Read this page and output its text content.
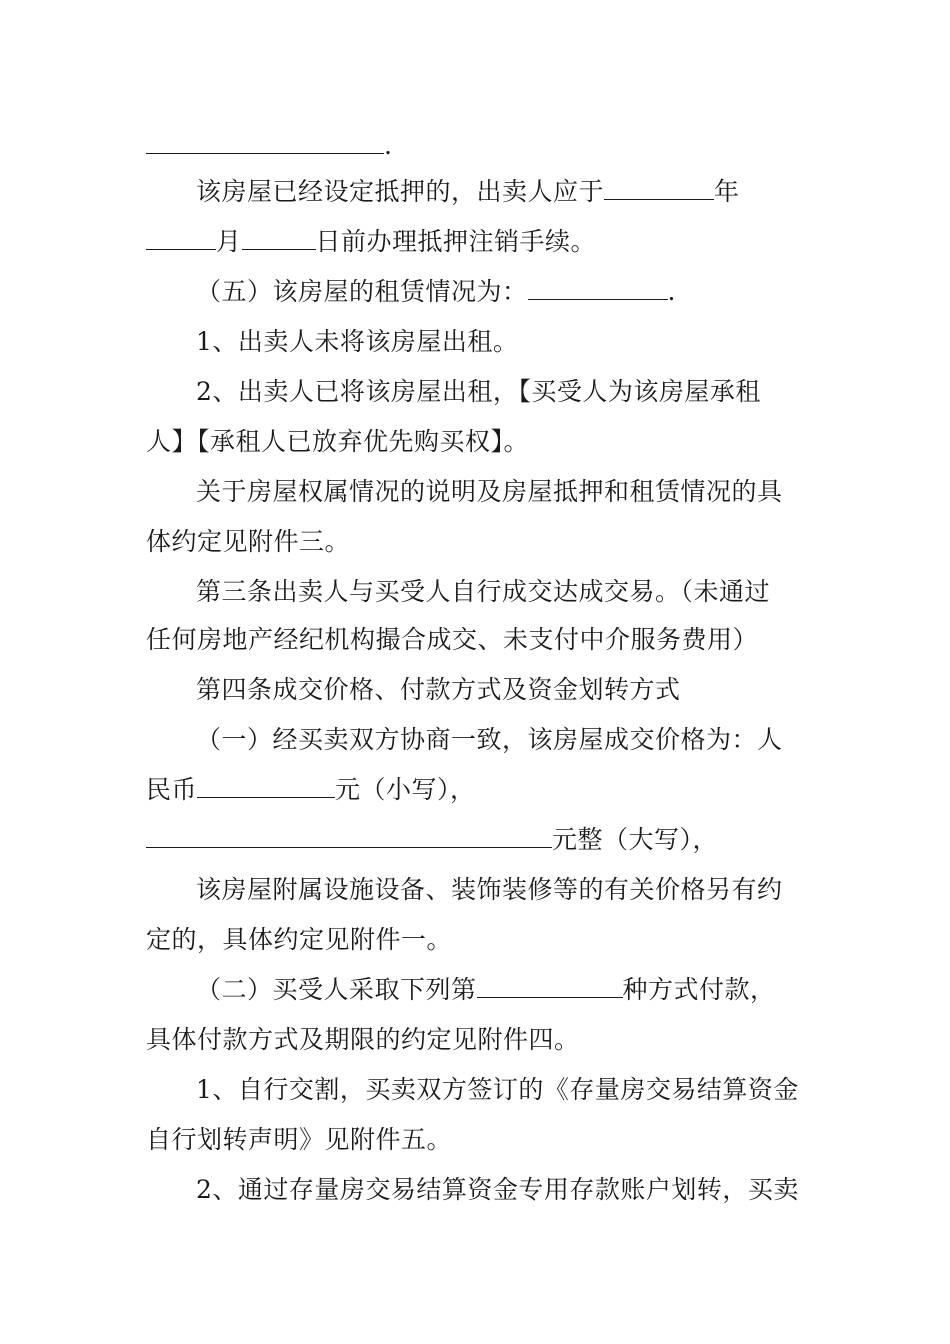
.
该房屋已经设定抵押的，出卖人应于	年
月	日前办理抵押注销手续。
（五）该房屋的租赁情况为：	.
1、出卖人未将该房屋出租。
2、出卖人已将该房屋出租，【买受人为该房屋承租
人】【承租人已放弃优先购买权】。
关于房屋权属情况的说明及房屋抵押和租赁情况的具
体约定见附件三。
第三条出卖人与买受人自行成交达成交易。（未通过
任何房地产经纪机构撮合成交、未支付中介服务费用）
第四条成交价格、付款方式及资金划转方式
（一）经买卖双方协商一致，该房屋成交价格为：人
民币	元（小写），
元整（大写），
该房屋附属设施设备、装饰装修等的有关价格另有约
定的，具体约定见附件一。
（二）买受人采取下列第	种方式付款，
具体付款方式及期限的约定见附件四。
1、自行交割，买卖双方签订的《存量房交易结算资金
自行划转声明》见附件五。
2、通过存量房交易结算资金专用存款账户划转，买卖
